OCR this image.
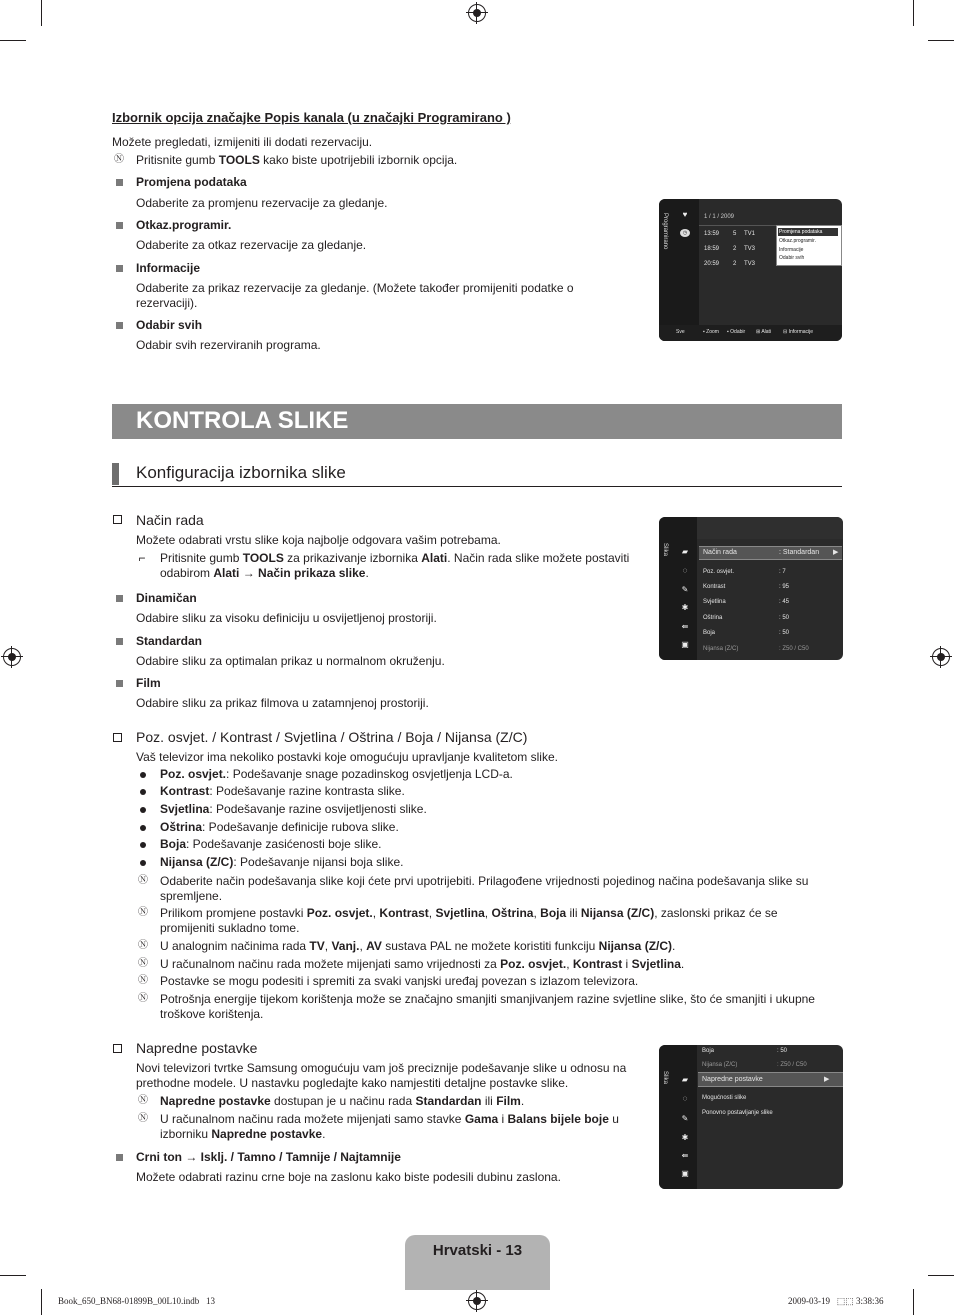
Izbornik opcija značajke Popis kanala (u značajki Programirano )
Možete pregledati, izmijeniti ili dodati rezervaciju.
Ⓝ Pritisnite gumb TOOLS kako biste upotrijebili izbornik opcija.
Promjena podataka
Odaberite za promjenu rezervacije za gledanje.
Otkaz.programir.
Odaberite za otkaz rezervacije za gledanje.
Informacije
Odaberite za prikaz rezervacije za gledanje. (Možete također promijeniti podatke o rezervaciji).
Odabir svih
Odabir svih rezerviranih programa.
Programirano	♥
◷
1 / 1 / 2009
13:59 5 TV1
18:59 2 TV3
20:59 2 TV3
Promjena podataka
Otkaz.programir.
Informacije
Odabir svih
Sve	▪ Zoom ▪ Odabir ⊞ Alati ⊟ Informacije
KONTROLA SLIKE
Konfiguracija izbornika slike
Način rada
Možete odabrati vrstu slike koja najbolje odgovara vašim potrebama.
⌐ Pritisnite gumb TOOLS za prikazivanje izbornika Alati. Način rada slike možete postaviti
odabirom Alati → Način prikaza slike.
Dinamičan
Odabire sliku za visoku definiciju u osvijetljenoj prostoriji.
Standardan
Odabire sliku za optimalan prikaz u normalnom okruženju.
Film
Odabire sliku za prikaz filmova u zatamnjenoj prostoriji.
Slika ▰
◌
✎
✱
⇚
▣
Način rada	: Standardan ▶
Poz. osvjet.	: 7
Kontrast	: 95
Svjetlina	: 45
Oštrina	: 50
Boja	: 50
Nijansa (Z/C)	: Z50 / C50
Poz. osvjet. / Kontrast / Svjetlina / Oštrina / Boja / Nijansa (Z/C)
Vaš televizor ima nekoliko postavki koje omogućuju upravljanje kvalitetom slike.
Poz. osvjet.: Podešavanje snage pozadinskog osvjetljenja LCD-a.
Kontrast: Podešavanje razine kontrasta slike.
Svjetlina: Podešavanje razine osvijetljenosti slike.
Oštrina: Podešavanje definicije rubova slike.
Boja: Podešavanje zasićenosti boje slike.
Nijansa (Z/C): Podešavanje nijansi boja slike.
Ⓝ Odaberite način podešavanja slike koji ćete prvi upotrijebiti. Prilagođene vrijednosti pojedinog načina podešavanja slike su spremljene.
Ⓝ Prilikom promjene postavki Poz. osvjet., Kontrast, Svjetlina, Oštrina, Boja ili Nijansa (Z/C), zaslonski prikaz će se
promijeniti sukladno tome.
Ⓝ U analognim načinima rada TV, Vanj., AV sustava PAL ne možete koristiti funkciju Nijansa (Z/C).
Ⓝ U računalnom načinu rada možete mijenjati samo vrijednosti za Poz. osvjet., Kontrast i Svjetlina.
Ⓝ Postavke se mogu podesiti i spremiti za svaki vanjski uređaj povezan s izlazom televizora.
Ⓝ Potrošnja energije tijekom korištenja može se značajno smanjiti smanjivanjem razine svjetline slike, što će smanjiti i ukupne troškove korištenja.
Napredne postavke
Novi televizori tvrtke Samsung omogućuju vam još preciznije podešavanje slike u odnosu na prethodne modele. U nastavku pogledajte kako namjestiti detaljne postavke slike.
Ⓝ Napredne postavke dostupan je u načinu rada Standardan ili Film.
Ⓝ U računalnom načinu rada možete mijenjati samo stavke Gama i Balans bijele boje u
izborniku Napredne postavke.
Crni ton → Isklj. / Tamno / Tamnije / Najtamnije
Možete odabrati razinu crne boje na zaslonu kako biste podesili dubinu zaslona.
Slika ▰
◌
✎
✱
⇚
▣
Boja	: 50
Nijansa (Z/C)	: Z50 / C50
Napredne postavke	▶
Mogućnosti slike
Ponovno postavljanje slike
Hrvatski - 13
Book_650_BN68-01899B_00L10.indb   13	2009-03-19   ⬚⬚ 3:38:36
